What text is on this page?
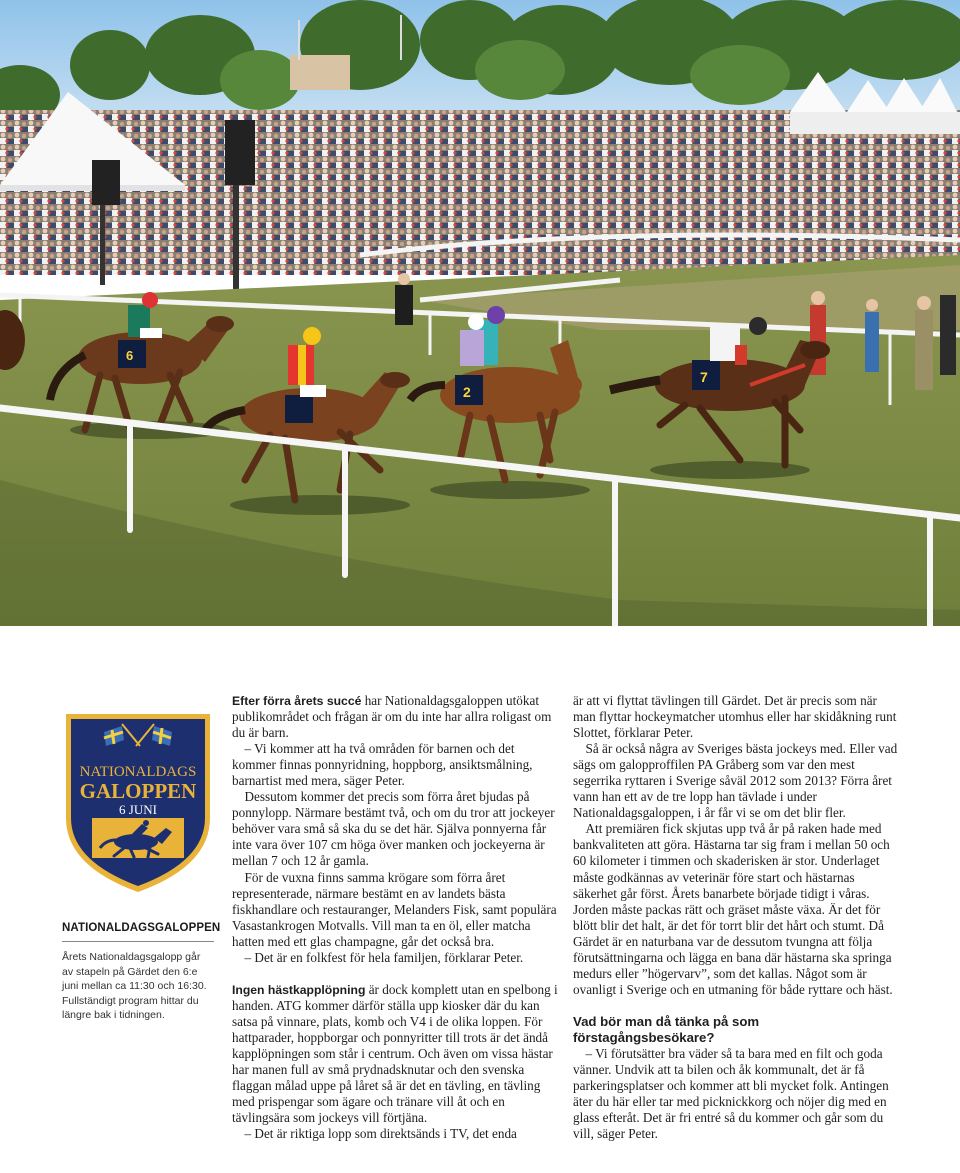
6
2
7
NATIONALDAGS
GALOPPEN
6 JUNI
NATIONALDAGSGALOPPEN

Årets Nationaldagsgalopp går av stapeln på Gärdet den 6:e juni mellan ca 11:30 och 16:30. Fullständigt program hittar du längre bak i tidningen.

Efter förra årets succé har Nationaldagsgaloppen utökat publikområdet och frågan är om du inte har allra roligast om du är barn.

– Vi kommer att ha två områden för barnen och det kommer finnas ponnyridning, hoppborg, ansiktsmålning, barnartist med mera, säger Peter.

Dessutom kommer det precis som förra året bjudas på ponnylopp. Närmare bestämt två, och om du tror att jockeyer behöver vara små så ska du se det här. Själva ponnyerna får inte vara över 107 cm höga över manken och jockeyerna är mellan 7 och 12 år gamla.

För de vuxna finns samma krögare som förra året representerade, närmare bestämt en av landets bästa fiskhandlare och restauranger, Melanders Fisk, samt populära Vasastankrogen Motvalls. Vill man ta en öl, eller matcha hatten med ett glas champagne, går det också bra.

– Det är en folkfest för hela familjen, förklarar Peter.

Ingen hästkapplöpning är dock komplett utan en spelbong i handen. ATG kommer därför ställa upp kiosker där du kan satsa på vinnare, plats, komb och V4 i de olika loppen. För hattparader, hoppborgar och ponnyritter till trots är det ändå kapplöpningen som står i centrum. Och även om vissa hästar har manen full av små prydnadsknutar och den svenska flaggan målad uppe på låret så är det en tävling, en tävling med prispengar som ägare och tränare vill åt och en tävlingsära som jockeys vill förtjäna.

– Det är riktiga lopp som direktsänds i TV, det enda

är att vi flyttat tävlingen till Gärdet. Det är precis som när man flyttar hockeymatcher utomhus eller har skidåkning runt Slottet, förklarar Peter.

Så är också några av Sveriges bästa jockeys med. Eller vad sägs om galopproffilen PA Gråberg som var den mest segerrika ryttaren i Sverige såväl 2012 som 2013? Förra året vann han ett av de tre lopp han tävlade i under Nationaldagsgaloppen, i år får vi se om det blir fler.

Att premiären fick skjutas upp två år på raken hade med bankvaliteten att göra. Hästarna tar sig fram i mellan 50 och 60 kilometer i timmen och skaderisken är stor. Underlaget måste godkännas av veterinär före start och hästarnas säkerhet går först. Årets banarbete började tidigt i våras. Jorden måste packas rätt och gräset måste växa. Är det för blött blir det halt, är det för torrt blir det hårt och stumt. Då Gärdet är en naturbana var de dessutom tvungna att följa förutsättningarna och lägga en bana där hästarna ska springa medurs eller ”högervarv”, som det kallas. Något som är ovanligt i Sverige och en utmaning för både ryttare och häst.

Vad bör man då tänka på som förstagångsbesökare?

– Vi förutsätter bra väder så ta bara med en filt och goda vänner. Undvik att ta bilen och åk kommunalt, det är få parkeringsplatser och kommer att bli mycket folk. Antingen äter du här eller tar med picknickkorg och nöjer dig med en glass efteråt. Det är fri entré så du kommer och går som du vill, säger Peter.
